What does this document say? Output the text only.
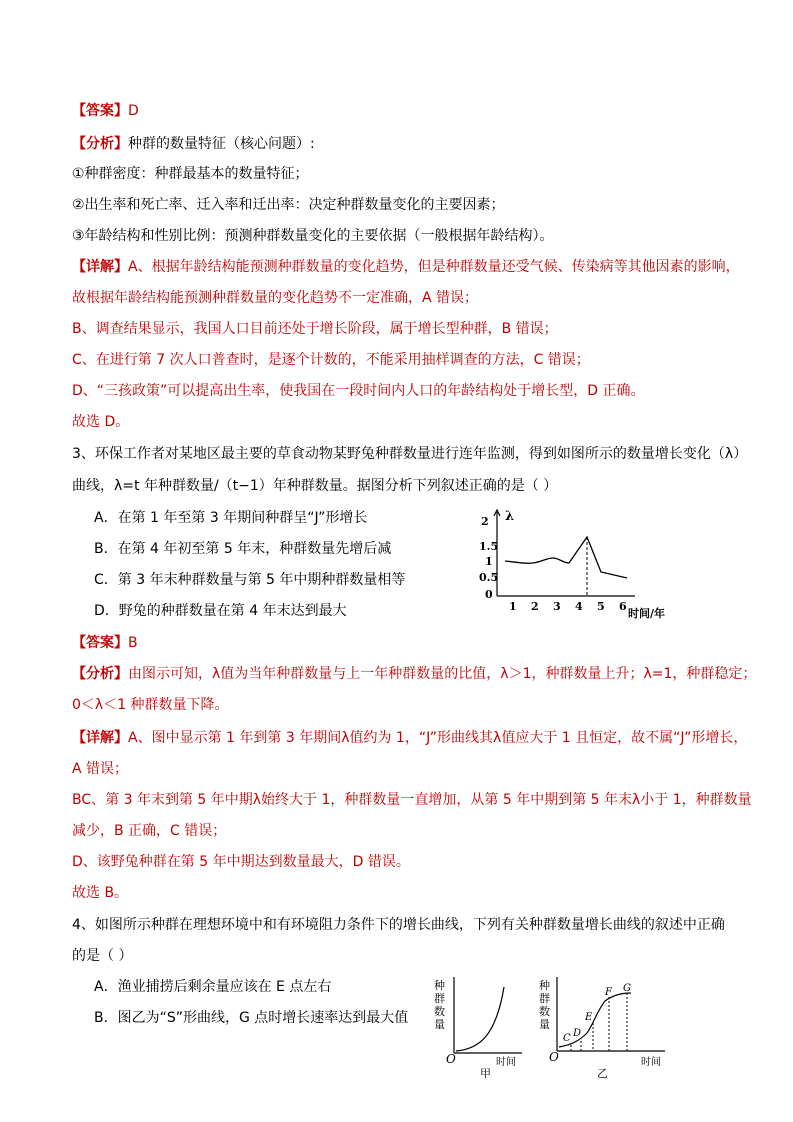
【答案】D
【分析】种群的数量特征（核心问题）:
①种群密度：种群最基本的数量特征；
②出生率和死亡率、迁入率和迁出率：决定种群数量变化的主要因素；
③年龄结构和性别比例：预测种群数量变化的主要依据（一般根据年龄结构）。
【详解】A、根据年龄结构能预测种群数量的变化趋势，但是种群数量还受气候、传染病等其他因素的影响，
故根据年龄结构能预测种群数量的变化趋势不一定准确，A 错误；
B、调查结果显示，我国人口目前还处于增长阶段，属于增长型种群，B 错误；
C、在进行第 7 次人口普查时，是逐个计数的，不能采用抽样调查的方法，C 错误；
D、“三孩政策”可以提高出生率，使我国在一段时间内人口的年龄结构处于增长型，D 正确。
故选 D。
3、环保工作者对某地区最主要的草食动物某野兔种群数量进行连年监测，得到如图所示的数量增长变化（λ）
曲线，λ=t 年种群数量/（t−1）年种群数量。据图分析下列叙述正确的是（ ）
A．在第 1 年至第 3 年期间种群呈“J”形增长
B．在第 4 年初至第 5 年末，种群数量先增后减
C．第 3 年末种群数量与第 5 年中期种群数量相等
D．野兔的种群数量在第 4 年末达到最大
λ
2
1.5
1
0.5
0
1 2 3 4 5 6
时间/年
【答案】B
【分析】由图示可知，λ值为当年种群数量与上一年种群数量的比值，λ＞1，种群数量上升；λ=1，种群稳定；
0＜λ＜1 种群数量下降。
【详解】A、图中显示第 1 年到第 3 年期间λ值约为 1，“J”形曲线其λ值应大于 1 且恒定，故不属“J”形增长，
A 错误；
BC、第 3 年末到第 5 年中期λ始终大于 1，种群数量一直增加，从第 5 年中期到第 5 年末λ小于 1，种群数量
减少，B 正确，C 错误；
D、该野兔种群在第 5 年中期达到数量最大，D 错误。
故选 B。
4、如图所示种群在理想环境中和有环境阻力条件下的增长曲线，下列有关种群数量增长曲线的叙述中正确
的是（ ）
A．渔业捕捞后剩余量应该在 E 点左右
B．图乙为“S”形曲线，G 点时增长速率达到最大值
种
群
数
量
O	时间
甲
种
群
数
量
O	时间
C D
E
F G
乙
